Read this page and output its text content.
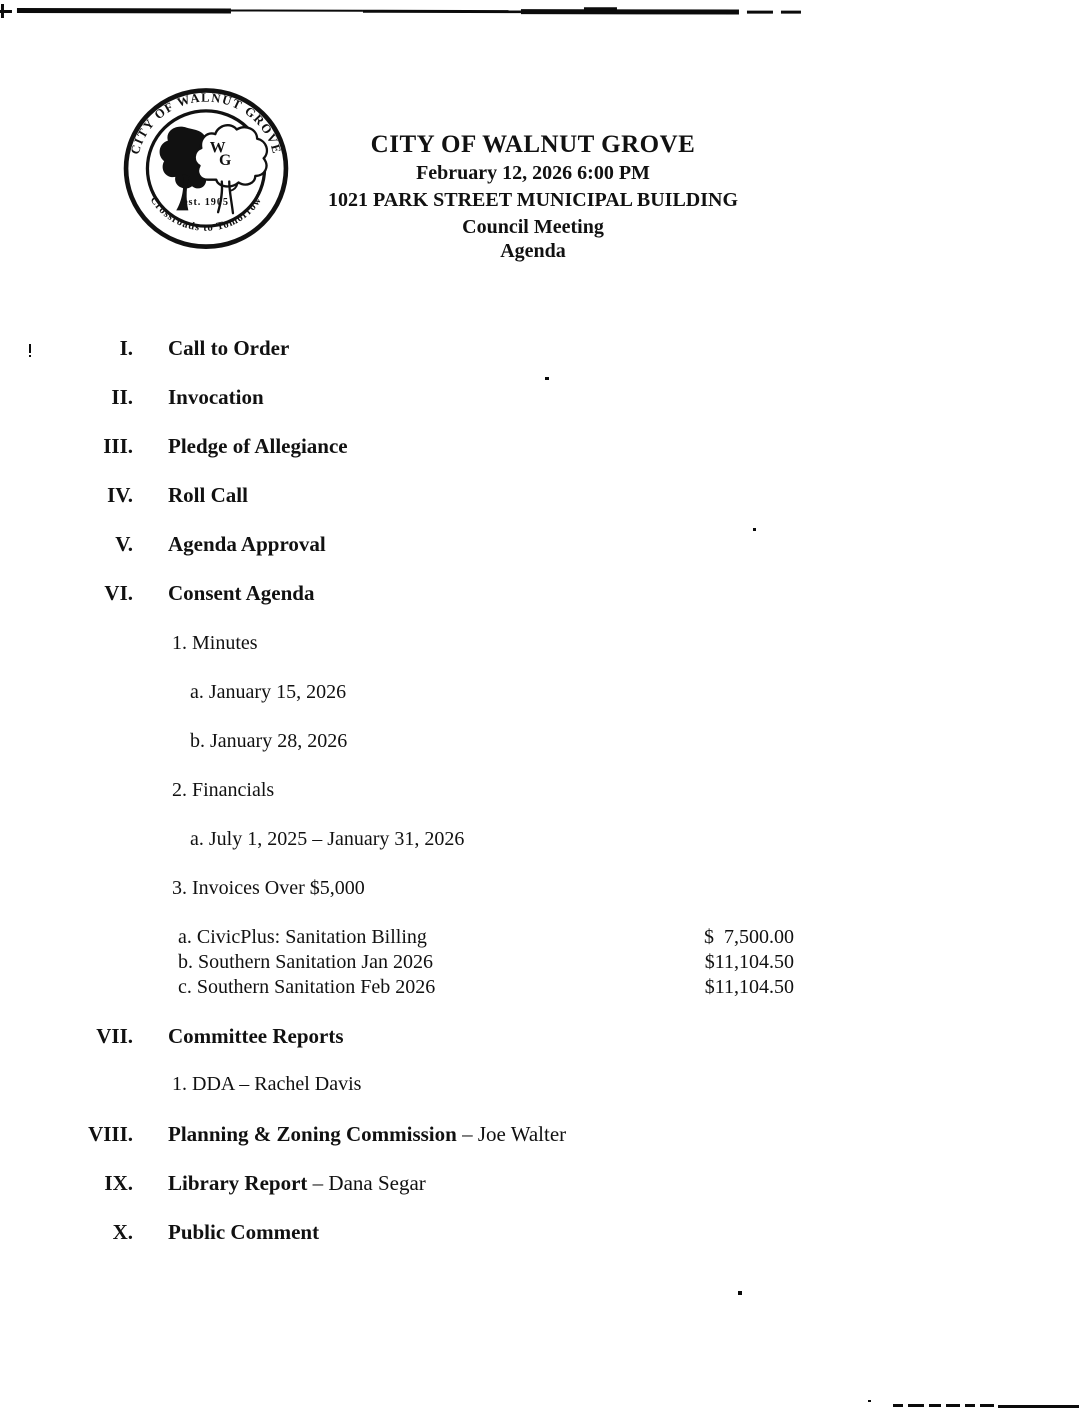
CITY OF WALNUT GROVE
“Crossroads to Tomorrow”
W
G
est. 1905
CITY OF WALNUT GROVE
February 12, 2026 6:00 PM
1021 PARK STREET MUNICIPAL BUILDING
Council Meeting
Agenda
I. Call to Order
II. Invocation
III. Pledge of Allegiance
IV. Roll Call
V. Agenda Approval
VI. Consent Agenda
1. Minutes
a. January 15, 2026
b. January 28, 2026
2. Financials
a. July 1, 2025 – January 31, 2026
3. Invoices Over $5,000
a. CivicPlus: Sanitation Billing	$  7,500.00
b. Southern Sanitation Jan 2026	$11,104.50
c. Southern Sanitation Feb 2026	$11,104.50
VII. Committee Reports
1. DDA – Rachel Davis
VIII. Planning & Zoning Commission – Joe Walter
IX. Library Report – Dana Segar
X. Public Comment
